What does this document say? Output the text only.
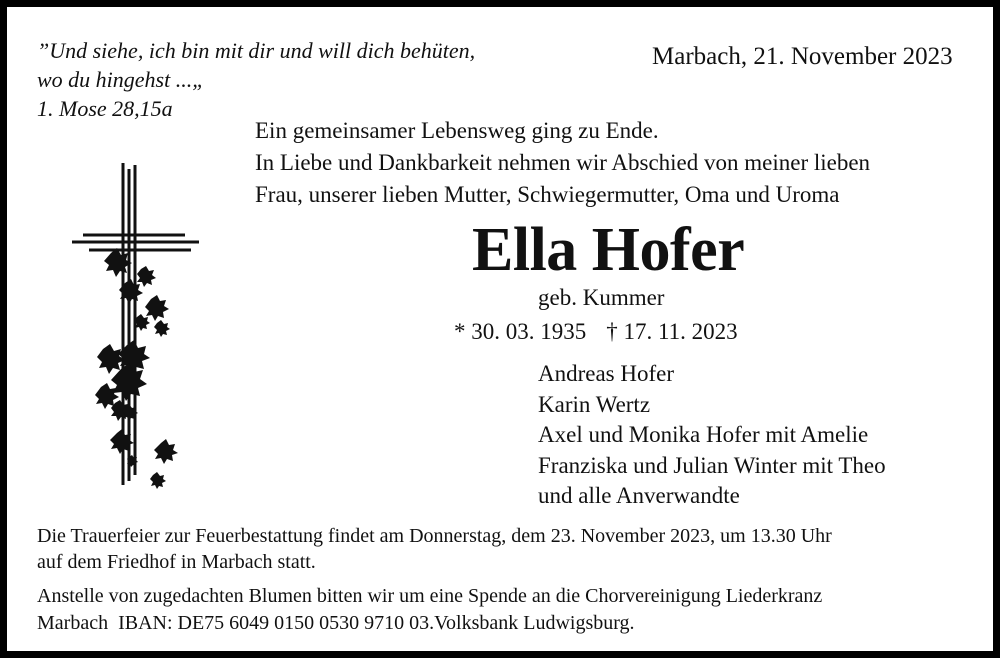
”Und siehe, ich bin mit dir und will dich behüten,
wo du hingehst ...„
1. Mose 28,15a

Marbach, 21. November 2023

Ein gemeinsamer Lebensweg ging zu Ende.
In Liebe und Dankbarkeit nehmen wir Abschied von meiner lieben
Frau, unserer lieben Mutter, Schwiegermutter, Oma und Uroma
Ella Hofer

geb. Kummer

* 30. 03. 1935 † 17. 11. 2023

Andreas Hofer
Karin Wertz
Axel und Monika Hofer mit Amelie
Franziska und Julian Winter mit Theo
und alle Anverwandte
Die Trauerfeier zur Feuerbestattung findet am Donnerstag, dem 23. November 2023, um 13.30 Uhr
auf dem Friedhof in Marbach statt.
Anstelle von zugedachten Blumen bitten wir um eine Spende an die Chorvereinigung Liederkranz
Marbach  IBAN: DE75 6049 0150 0530 9710 03.Volksbank Ludwigsburg.
